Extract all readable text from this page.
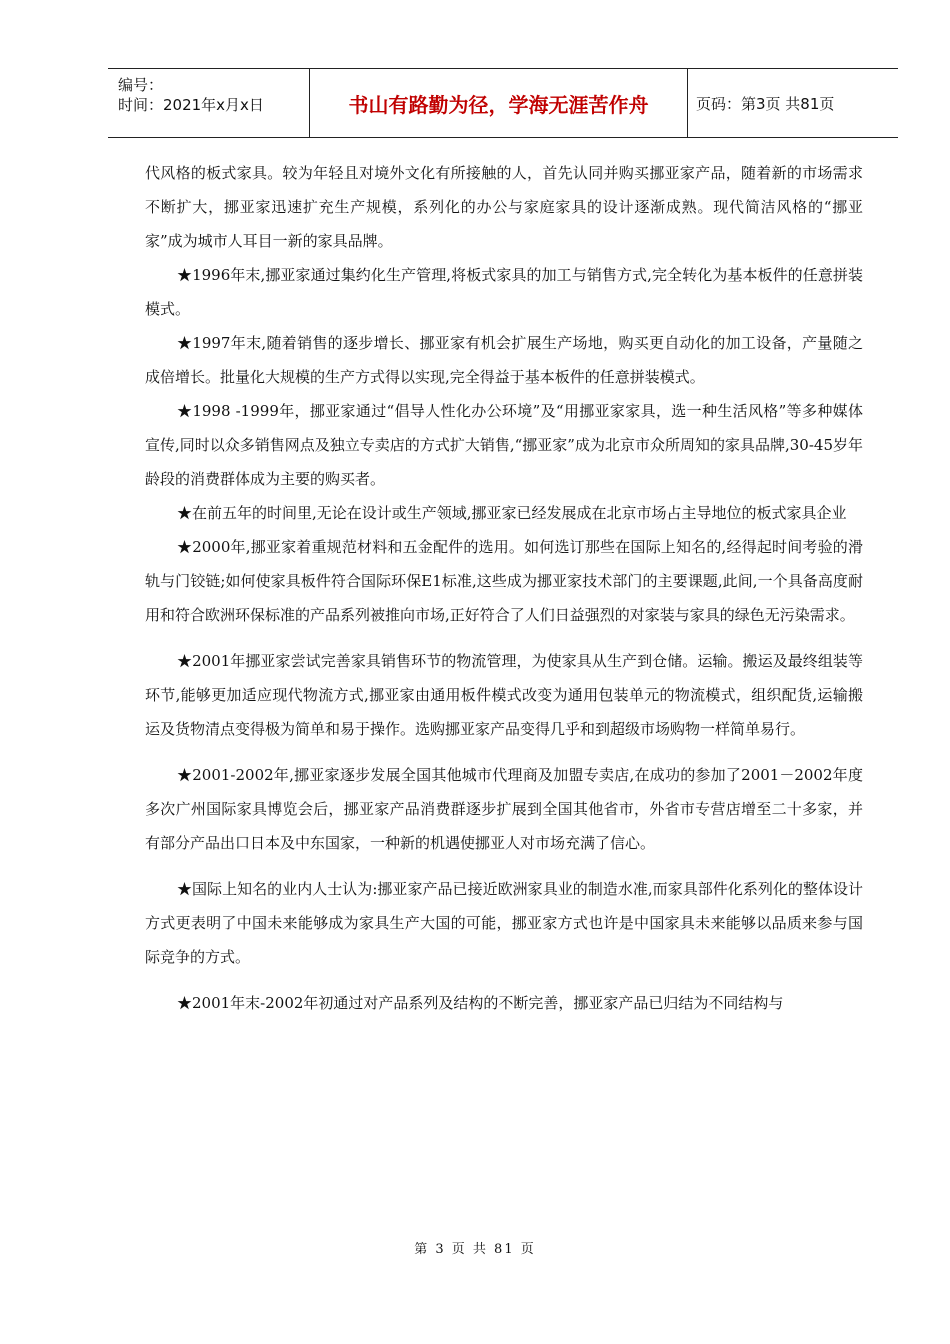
编号：
时间：2021年x月x日	书山有路勤为径，学海无涯苦作舟	页码：第3页 共81页

代风格的板式家具。较为年轻且对境外文化有所接触的人，首先认同并购买挪亚家产品，随着新的市场需求不断扩大，挪亚家迅速扩充生产规模，系列化的办公与家庭家具的设计逐渐成熟。现代简洁风格的“挪亚家”成为城市人耳目一新的家具品牌。

★1996年末,挪亚家通过集约化生产管理,将板式家具的加工与销售方式,完全转化为基本板件的任意拼装模式。

★1997年末,随着销售的逐步增长、挪亚家有机会扩展生产场地，购买更自动化的加工设备，产量随之成倍增长。批量化大规模的生产方式得以实现,完全得益于基本板件的任意拼装模式。

★1998 -1999年，挪亚家通过“倡导人性化办公环境”及“用挪亚家家具，选一种生活风格”等多种媒体宣传,同时以众多销售网点及独立专卖店的方式扩大销售,“挪亚家”成为北京市众所周知的家具品牌,30-45岁年龄段的消费群体成为主要的购买者。

★在前五年的时间里,无论在设计或生产领域,挪亚家已经发展成在北京市场占主导地位的板式家具企业

★2000年,挪亚家着重规范材料和五金配件的选用。如何选订那些在国际上知名的,经得起时间考验的滑轨与门铰链;如何使家具板件符合国际环保E1标准,这些成为挪亚家技术部门的主要课题,此间,一个具备高度耐用和符合欧洲环保标准的产品系列被推向市场,正好符合了人们日益强烈的对家装与家具的绿色无污染需求。

★2001年挪亚家尝试完善家具销售环节的物流管理，为使家具从生产到仓储。运输。搬运及最终组装等环节,能够更加适应现代物流方式,挪亚家由通用板件模式改变为通用包装单元的物流模式，组织配货,运输搬运及货物清点变得极为简单和易于操作。选购挪亚家产品变得几乎和到超级市场购物一样简单易行。

★2001-2002年,挪亚家逐步发展全国其他城市代理商及加盟专卖店,在成功的参加了2001－2002年度多次广州国际家具博览会后，挪亚家产品消费群逐步扩展到全国其他省市，外省市专营店增至二十多家，并有部分产品出口日本及中东国家，一种新的机遇使挪亚人对市场充满了信心。

★国际上知名的业内人士认为:挪亚家产品已接近欧洲家具业的制造水准,而家具部件化系列化的整体设计方式更表明了中国未来能够成为家具生产大国的可能，挪亚家方式也许是中国家具未来能够以品质来参与国际竞争的方式。

★2001年末-2002年初通过对产品系列及结构的不断完善，挪亚家产品已归结为不同结构与

第 3 页 共 81 页
